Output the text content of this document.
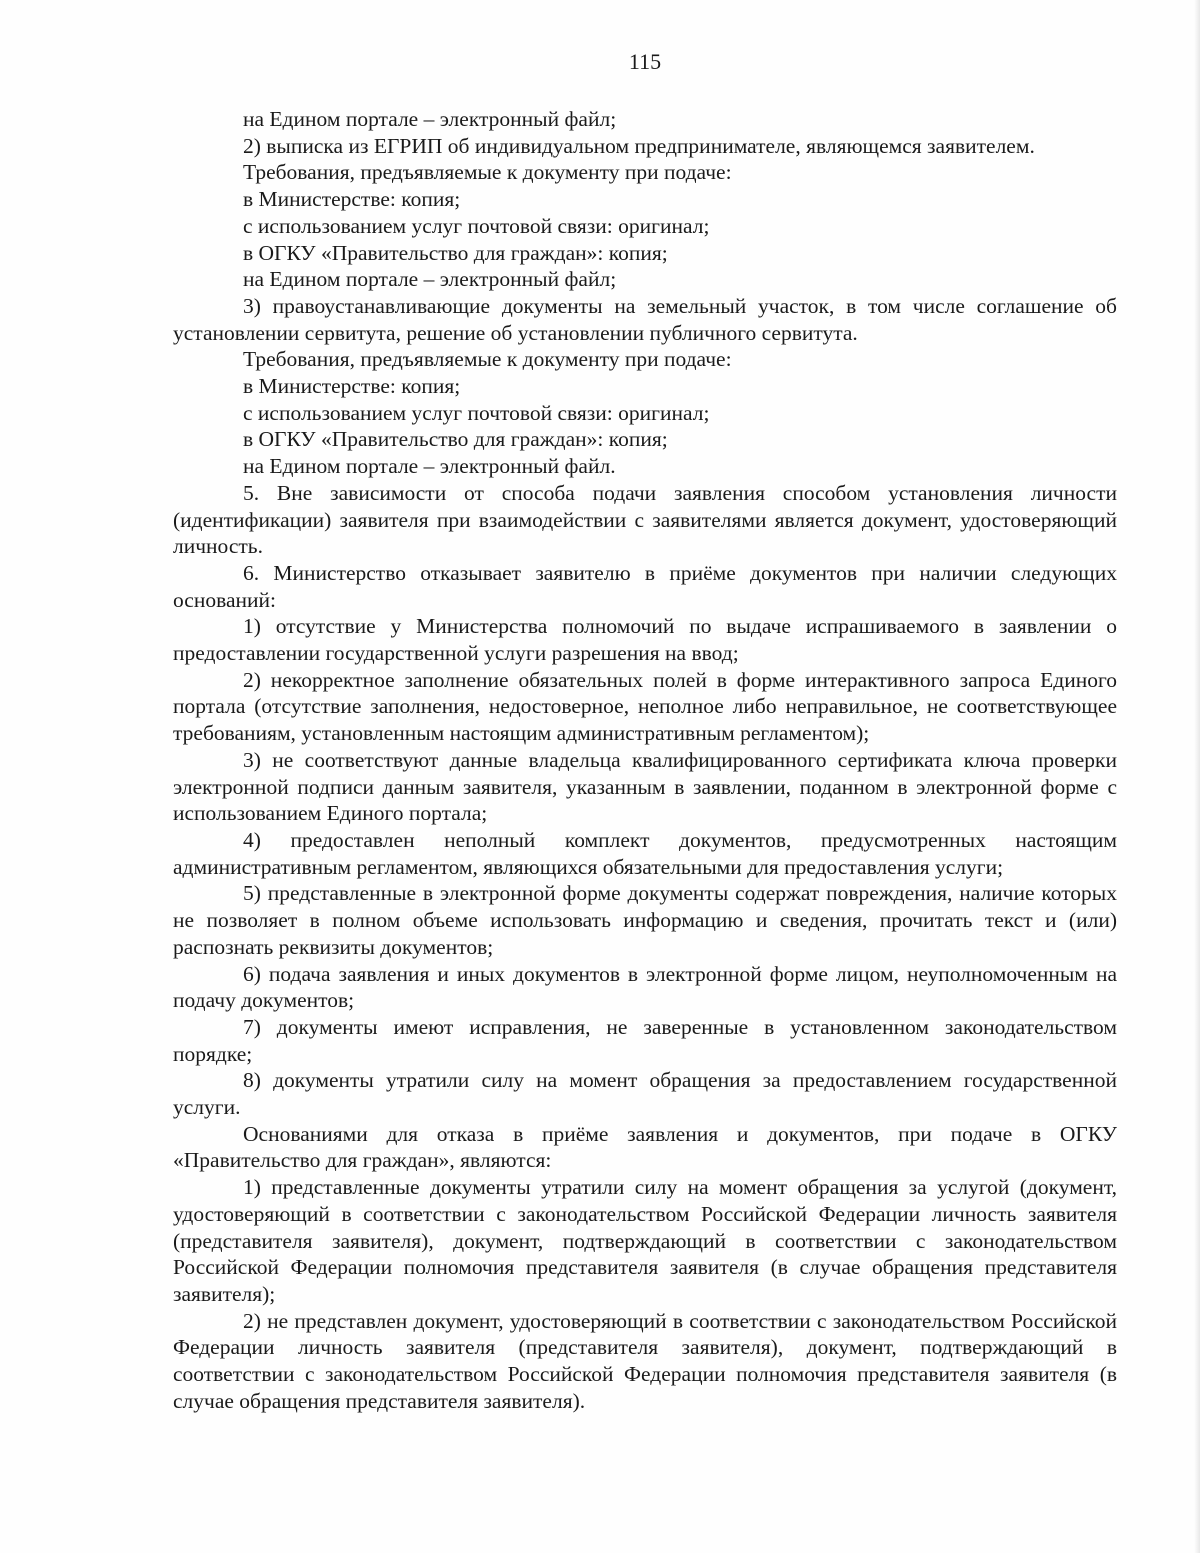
115

на Едином портале – электронный файл;

2) выписка из ЕГРИП об индивидуальном предпринимателе, являющемся заявителем.

Требования, предъявляемые к документу при подаче:

в Министерстве: копия;

с использованием услуг почтовой связи: оригинал;

в ОГКУ «Правительство для граждан»: копия;

на Едином портале – электронный файл;

3) правоустанавливающие документы на земельный участок, в том числе соглашение об установлении сервитута, решение об установлении публичного сервитута.

Требования, предъявляемые к документу при подаче:

в Министерстве: копия;

с использованием услуг почтовой связи: оригинал;

в ОГКУ «Правительство для граждан»: копия;

на Едином портале – электронный файл.

5. Вне зависимости от способа подачи заявления способом установления личности (идентификации) заявителя при взаимодействии с заявителями является документ, удостоверяющий личность.

6. Министерство отказывает заявителю в приёме документов при наличии следующих оснований:

1) отсутствие у Министерства полномочий по выдаче испрашиваемого в заявлении о предоставлении государственной услуги разрешения на ввод;

2) некорректное заполнение обязательных полей в форме интерактивного запроса Единого портала (отсутствие заполнения, недостоверное, неполное либо неправильное, не соответствующее требованиям, установленным настоящим административным регламентом);

3) не соответствуют данные владельца квалифицированного сертификата ключа проверки электронной подписи данным заявителя, указанным в заявлении, поданном в электронной форме с использованием Единого портала;

4) предоставлен неполный комплект документов, предусмотренных настоящим административным регламентом, являющихся обязательными для предоставления услуги;

5) представленные в электронной форме документы содержат повреждения, наличие которых не позволяет в полном объеме использовать информацию и сведения, прочитать текст и (или) распознать реквизиты документов;

6) подача заявления и иных документов в электронной форме лицом, неуполномоченным на подачу документов;

7) документы имеют исправления, не заверенные в установленном законодательством порядке;

8) документы утратили силу на момент обращения за предоставлением государственной услуги.

Основаниями для отказа в приёме заявления и документов, при подаче в ОГКУ «Правительство для граждан», являются:

1) представленные документы утратили силу на момент обращения за услугой (документ, удостоверяющий в соответствии с законодательством Российской Федерации личность заявителя (представителя заявителя), документ, подтверждающий в соответствии с законодательством Российской Федерации полномочия представителя заявителя (в случае обращения представителя заявителя);

2) не представлен документ, удостоверяющий в соответствии с законодательством Российской Федерации личность заявителя (представителя заявителя), документ, подтверждающий в соответствии с законодательством Российской Федерации полномочия представителя заявителя (в случае обращения представителя заявителя).
